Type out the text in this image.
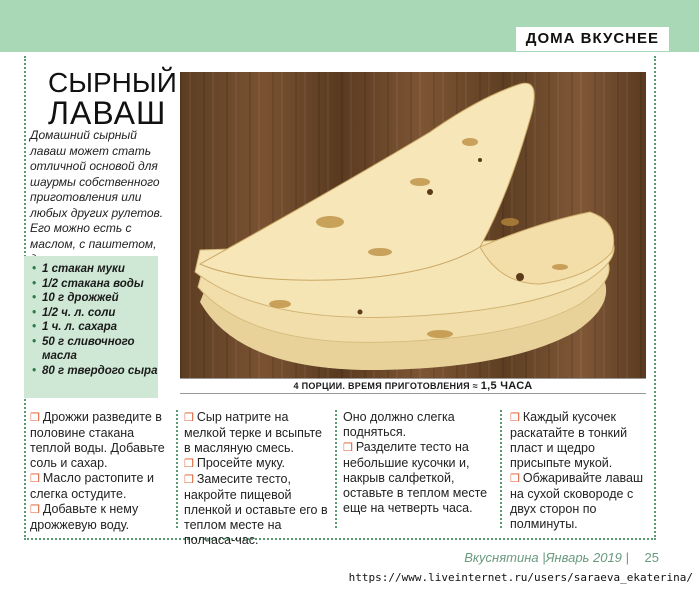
ДОМА ВКУСНЕЕ
СЫРНЫЙ
ЛАВАШ

Домашний сырный лаваш может стать отличной основой для шаурмы собственного приготовления или любых других рулетов. Его можно есть с маслом, с паштетом,

• 1 стакан муки
• 1/2 стакана воды
• 10 г дрожжей
• 1/2 ч. л. соли
• 1 ч. л. сахара
• 50 г сливочного масла
• 80 г твердого сыра
4 ПОРЦИИ. ВРЕМЯ ПРИГОТОВЛЕНИЯ ≈ 1,5 ЧАСА

❒ Дрожжи разведите в половине стакана теплой воды. Добавьте соль и сахар.

❒ Масло растопите и слегка остудите.

❒ Добавьте к нему дрожжевую воду.

❒ Сыр натрите на мелкой терке и всыпьте в масляную смесь.

❒ Просейте муку.

❒ Замесите тесто, накройте пищевой пленкой и оставьте его в теплом месте на полчаса-час.

Оно должно слегка подняться.

❒ Разделите тесто на небольшие кусочки и, накрыв салфеткой, оставьте в теплом месте еще на четверть часа.

❒ Каждый кусочек раскатайте в тонкий пласт и щедро присыпьте мукой.

❒ Обжаривайте лаваш на сухой сковороде с двух сторон по полминуты.

Вкуснятина |Январь 2019 | 25
https://www.liveinternet.ru/users/saraeva_ekaterina/
